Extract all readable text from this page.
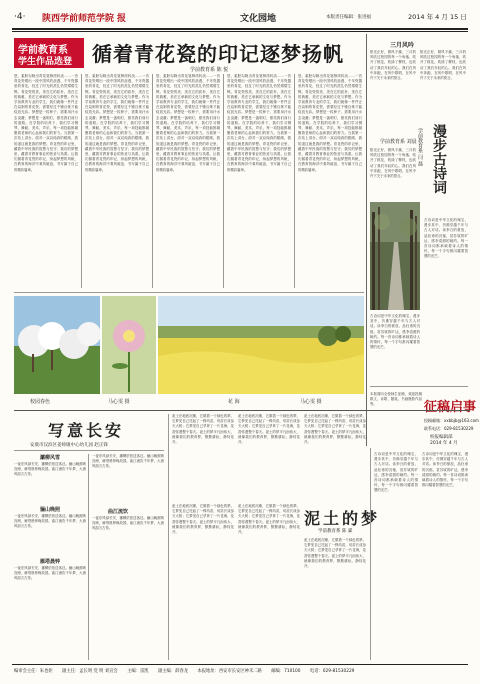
·4· 陕西学前师范学院 报	文化园地	本版责任编辑：张进福	2014 年 4 月 15 日
学前教育系
学生作品选登 循着青花瓷的印记逐梦扬帆
学前教育系 陈 悦
您，素胚勾勒出青花笔锋浓转淡……一首青花瓷唱出一段中国风的浪漫，千年瓷器里的青花，经过了时光的洗礼仍然熠熠生辉。青花瓷的美，美在它的质朴，美在它的典雅，美在它承载的文化与梦想。作为学前教育专业的学生，我们就像一件件正在烧制的青花瓷，需要经过千锤百炼才能绽放光彩。梦想是一粒种子，需要用汗水去浇灌；梦想是一盏明灯，照亮我们前行的道路。在学院的培养下，我们学习钢琴、舞蹈、美术、声乐，每一项技能都凝聚着老师的心血和我们的努力。当我第一次站上讲台，面对一双双纯真的眼睛，我知道这就是我的梦想。青花瓷的印记里，藏着中华民族的智慧与坚守；我们的梦想里，藏着对教育事业的热爱与执着。让我们循着青花瓷的印记，扬起梦想的风帆，在教育的海洋中乘风破浪，书写属于自己的精彩篇章。
您，素胚勾勒出青花笔锋浓转淡……一首青花瓷唱出一段中国风的浪漫，千年瓷器里的青花，经过了时光的洗礼仍然熠熠生辉。青花瓷的美，美在它的质朴，美在它的典雅，美在它承载的文化与梦想。作为学前教育专业的学生，我们就像一件件正在烧制的青花瓷，需要经过千锤百炼才能绽放光彩。梦想是一粒种子，需要用汗水去浇灌；梦想是一盏明灯，照亮我们前行的道路。在学院的培养下，我们学习钢琴、舞蹈、美术、声乐，每一项技能都凝聚着老师的心血和我们的努力。当我第一次站上讲台，面对一双双纯真的眼睛，我知道这就是我的梦想。青花瓷的印记里，藏着中华民族的智慧与坚守；我们的梦想里，藏着对教育事业的热爱与执着。让我们循着青花瓷的印记，扬起梦想的风帆，在教育的海洋中乘风破浪，书写属于自己的精彩篇章。
您，素胚勾勒出青花笔锋浓转淡……一首青花瓷唱出一段中国风的浪漫，千年瓷器里的青花，经过了时光的洗礼仍然熠熠生辉。青花瓷的美，美在它的质朴，美在它的典雅，美在它承载的文化与梦想。作为学前教育专业的学生，我们就像一件件正在烧制的青花瓷，需要经过千锤百炼才能绽放光彩。梦想是一粒种子，需要用汗水去浇灌；梦想是一盏明灯，照亮我们前行的道路。在学院的培养下，我们学习钢琴、舞蹈、美术、声乐，每一项技能都凝聚着老师的心血和我们的努力。当我第一次站上讲台，面对一双双纯真的眼睛，我知道这就是我的梦想。青花瓷的印记里，藏着中华民族的智慧与坚守；我们的梦想里，藏着对教育事业的热爱与执着。让我们循着青花瓷的印记，扬起梦想的风帆，在教育的海洋中乘风破浪，书写属于自己的精彩篇章。
您，素胚勾勒出青花笔锋浓转淡……一首青花瓷唱出一段中国风的浪漫，千年瓷器里的青花，经过了时光的洗礼仍然熠熠生辉。青花瓷的美，美在它的质朴，美在它的典雅，美在它承载的文化与梦想。作为学前教育专业的学生，我们就像一件件正在烧制的青花瓷，需要经过千锤百炼才能绽放光彩。梦想是一粒种子，需要用汗水去浇灌；梦想是一盏明灯，照亮我们前行的道路。在学院的培养下，我们学习钢琴、舞蹈、美术、声乐，每一项技能都凝聚着老师的心血和我们的努力。当我第一次站上讲台，面对一双双纯真的眼睛，我知道这就是我的梦想。青花瓷的印记里，藏着中华民族的智慧与坚守；我们的梦想里，藏着对教育事业的热爱与执着。让我们循着青花瓷的印记，扬起梦想的风帆，在教育的海洋中乘风破浪，书写属于自己的精彩篇章。
您，素胚勾勒出青花笔锋浓转淡……一首青花瓷唱出一段中国风的浪漫，千年瓷器里的青花，经过了时光的洗礼仍然熠熠生辉。青花瓷的美，美在它的质朴，美在它的典雅，美在它承载的文化与梦想。作为学前教育专业的学生，我们就像一件件正在烧制的青花瓷，需要经过千锤百炼才能绽放光彩。梦想是一粒种子，需要用汗水去浇灌；梦想是一盏明灯，照亮我们前行的道路。在学院的培养下，我们学习钢琴、舞蹈、美术、声乐，每一项技能都凝聚着老师的心血和我们的努力。当我第一次站上讲台，面对一双双纯真的眼睛，我知道这就是我的梦想。青花瓷的印记里，藏着中华民族的智慧与坚守；我们的梦想里，藏着对教育事业的热爱与执着。让我们循着青花瓷的印记，扬起梦想的风帆，在教育的海洋中乘风破浪，书写属于自己的精彩篇章。
三月风吟
阳光正好，微风不燥，三月的风吹过校园的每一个角落，吹开了桃花，吹绿了柳枝，也吹动了我们年轻的心。我们在风中奔跑，在风中歌唱，在风中许下关于未来的誓言。
阳光正好，微风不燥，三月的风吹过校园的每一个角落，吹开了桃花，吹绿了柳枝，也吹动了我们年轻的心。我们在风中奔跑，在风中歌唱，在风中许下关于未来的誓言。
学前教育系 刘晨
阳光正好，微风不燥，三月的风吹过校园的每一个角落，吹开了桃花，吹绿了柳枝，也吹动了我们年轻的心。我们在风中奔跑，在风中歌唱，在风中许下关于未来的誓言。	漫步古诗词
学前教育系 闫 磊
古诗词是中华文化的瑰宝，漫步其中，仿佛穿越千年与古人对话。读李白的豪放，品杜甫的沉郁，赏苏轼的旷达，感李清照的婉约。每一首诗词都承载着诗人的情怀，每一个字句都闪耀着智慧的光芒。
古诗词是中华文化的瑰宝，漫步其中，仿佛穿越千年与古人对话。读李白的豪放，品杜甫的沉郁，赏苏轼的旷达，感李清照的婉约。每一首诗词都承载着诗人的情怀，每一个字句都闪耀着智慧的光芒。
校园春色	马心雯 摄	花 海	马心雯 摄
本报面向全校师生征稿，欢迎投稿散文、诗歌、随笔、书画摄影作品等。	征稿启事
投稿邮箱：xxbbjb@163.com
联系电话：029-81530229
校报编辑部
2014 年 4 月
写意长安
安康市汉滨区姜师镇中心幼儿园 赵正锋
灞柳风雪
一夜东风绿长安，灞柳依依送客还。骊山晚照映宫阙，雁塔晨钟唤故园。曲江流饮千年梦，大唐风韵万古传。
骊山晚照
一夜东风绿长安，灞柳依依送客还。骊山晚照映宫阙，雁塔晨钟唤故园。曲江流饮千年梦，大唐风韵万古传。
雁塔晨钟
一夜东风绿长安，灞柳依依送客还。骊山晚照映宫阙，雁塔晨钟唤故园。曲江流饮千年梦，大唐风韵万古传。
一夜东风绿长安，灞柳依依送客还。骊山晚照映宫阙，雁塔晨钟唤故园。曲江流饮千年梦，大唐风韵万古传。
曲江流饮
一夜东风绿长安，灞柳依依送客还。骊山晚照映宫阙，雁塔晨钟唤故园。曲江流饮千年梦，大唐风韵万古传。
泥土在地底沉睡，它做着一个绿色的梦。它梦见自己托起了一株幼苗，幼苗长成参天大树；它梦见自己孕育了一片花海，花香弥漫整个春天。泥土的梦平凡而伟大，就像我们的教育梦，默默耕耘，静待花开。
泥土在地底沉睡，它做着一个绿色的梦。它梦见自己托起了一株幼苗，幼苗长成参天大树；它梦见自己孕育了一片花海，花香弥漫整个春天。泥土的梦平凡而伟大，就像我们的教育梦，默默耕耘，静待花开。
泥土在地底沉睡，它做着一个绿色的梦。它梦见自己托起了一株幼苗，幼苗长成参天大树；它梦见自己孕育了一片花海，花香弥漫整个春天。泥土的梦平凡而伟大，就像我们的教育梦，默默耕耘，静待花开。
泥土的梦
学前教育系 陈 霖
泥土在地底沉睡，它做着一个绿色的梦。它梦见自己托起了一株幼苗，幼苗长成参天大树；它梦见自己孕育了一片花海，花香弥漫整个春天。泥土的梦平凡而伟大，就像我们的教育梦，默默耕耘，静待花开。
泥土在地底沉睡，它做着一个绿色的梦。它梦见自己托起了一株幼苗，幼苗长成参天大树；它梦见自己孕育了一片花海，花香弥漫整个春天。泥土的梦平凡而伟大，就像我们的教育梦，默默耕耘，静待花开。
泥土在地底沉睡，它做着一个绿色的梦。它梦见自己托起了一株幼苗，幼苗长成参天大树；它梦见自己孕育了一片花海，花香弥漫整个春天。泥土的梦平凡而伟大，就像我们的教育梦，默默耕耘，静待花开。
古诗词是中华文化的瑰宝，漫步其中，仿佛穿越千年与古人对话。读李白的豪放，品杜甫的沉郁，赏苏轼的旷达，感李清照的婉约。每一首诗词都承载着诗人的情怀，每一个字句都闪耀着智慧的光芒。
古诗词是中华文化的瑰宝，漫步其中，仿佛穿越千年与古人对话。读李白的豪放，品杜甫的沉郁，赏苏轼的旷达，感李清照的婉约。每一首诗词都承载着诗人的情怀，每一个字句都闪耀着智慧的光芒。
编审会主任：朱也炬 副主任：孟长明 党 明 刘宣会 主编：雷凯 副主编：薛春龙 本报地址：西安市长安区神禾二路 邮编：710100 电话：029-81530229
